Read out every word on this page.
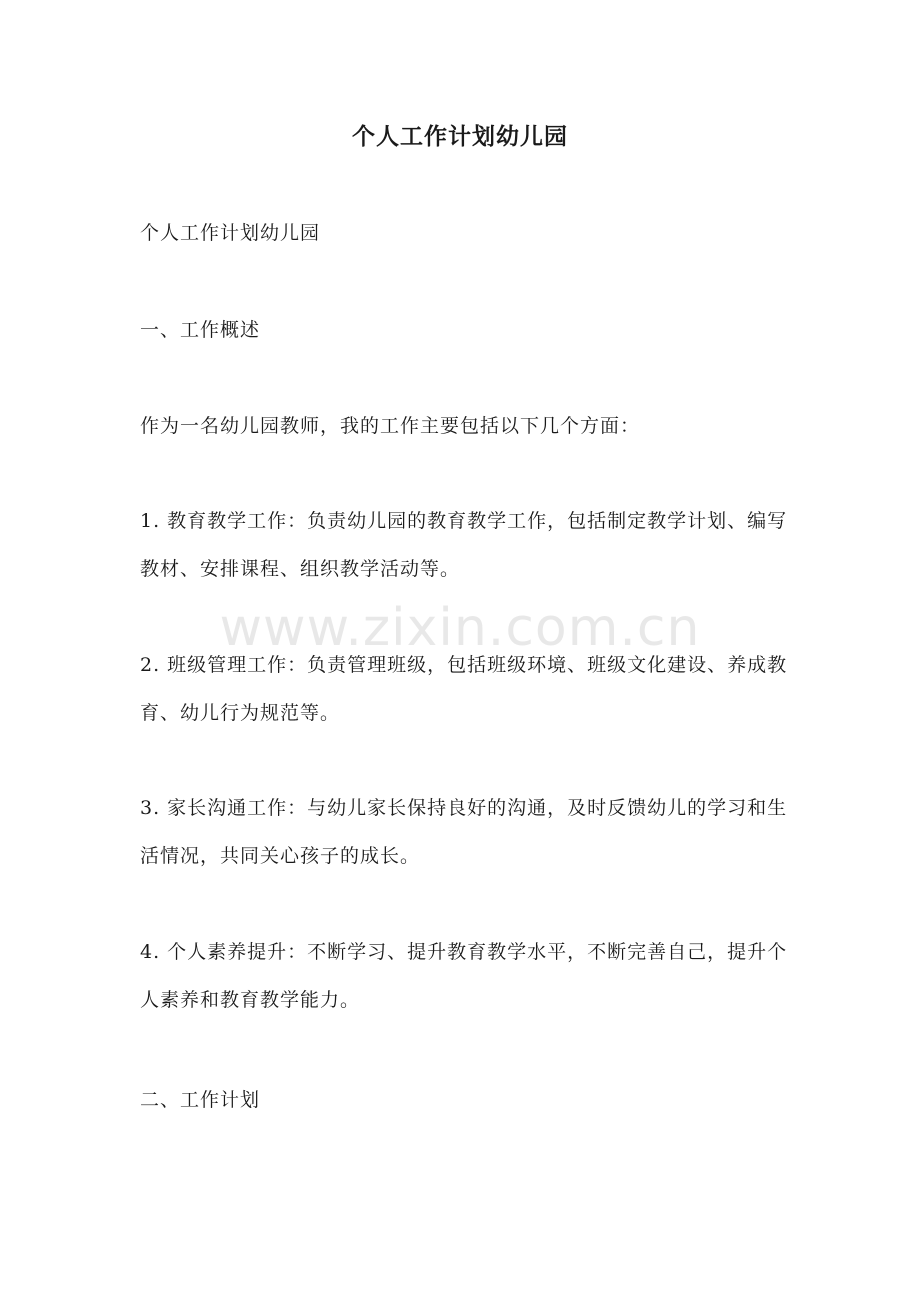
个人工作计划幼儿园
个人工作计划幼儿园
一、工作概述
作为一名幼儿园教师，我的工作主要包括以下几个方面：
1. 教育教学工作：负责幼儿园的教育教学工作，包括制定教学计划、编写教材、安排课程、组织教学活动等。
2. 班级管理工作：负责管理班级，包括班级环境、班级文化建设、养成教育、幼儿行为规范等。
3. 家长沟通工作：与幼儿家长保持良好的沟通，及时反馈幼儿的学习和生活情况，共同关心孩子的成长。
4. 个人素养提升：不断学习、提升教育教学水平，不断完善自己，提升个人素养和教育教学能力。
二、工作计划
www.zixin.com.cn
